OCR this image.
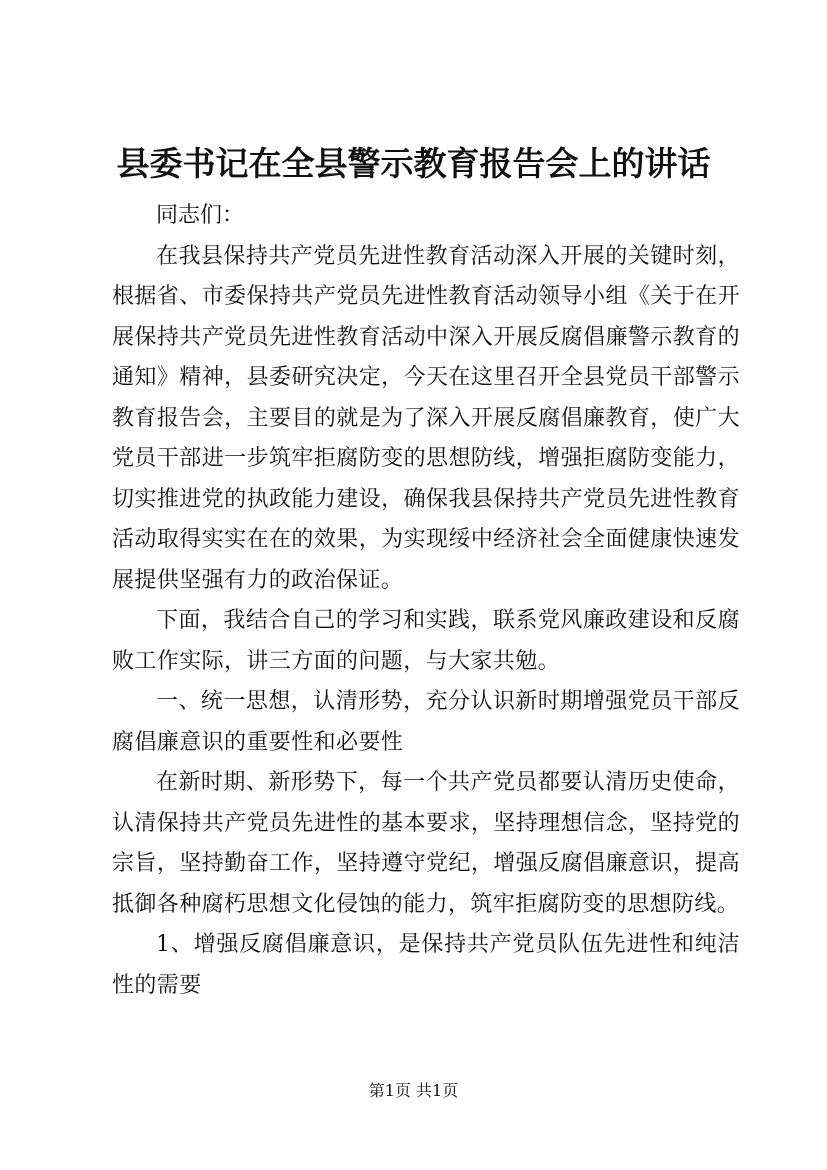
县委书记在全县警示教育报告会上的讲话

同志们：

在我县保持共产党员先进性教育活动深入开展的关键时刻，根据省、市委保持共产党员先进性教育活动领导小组《关于在开展保持共产党员先进性教育活动中深入开展反腐倡廉警示教育的通知》精神，县委研究决定，今天在这里召开全县党员干部警示教育报告会，主要目的就是为了深入开展反腐倡廉教育，使广大党员干部进一步筑牢拒腐防变的思想防线，增强拒腐防变能力，切实推进党的执政能力建设，确保我县保持共产党员先进性教育活动取得实实在在的效果，为实现绥中经济社会全面健康快速发展提供坚强有力的政治保证。

下面，我结合自己的学习和实践，联系党风廉政建设和反腐败工作实际，讲三方面的问题，与大家共勉。

一、统一思想，认清形势，充分认识新时期增强党员干部反腐倡廉意识的重要性和必要性

在新时期、新形势下，每一个共产党员都要认清历史使命，认清保持共产党员先进性的基本要求，坚持理想信念，坚持党的宗旨，坚持勤奋工作，坚持遵守党纪，增强反腐倡廉意识，提高抵御各种腐朽思想文化侵蚀的能力，筑牢拒腐防变的思想防线。

1、增强反腐倡廉意识，是保持共产党员队伍先进性和纯洁性的需要

第1页 共1页
